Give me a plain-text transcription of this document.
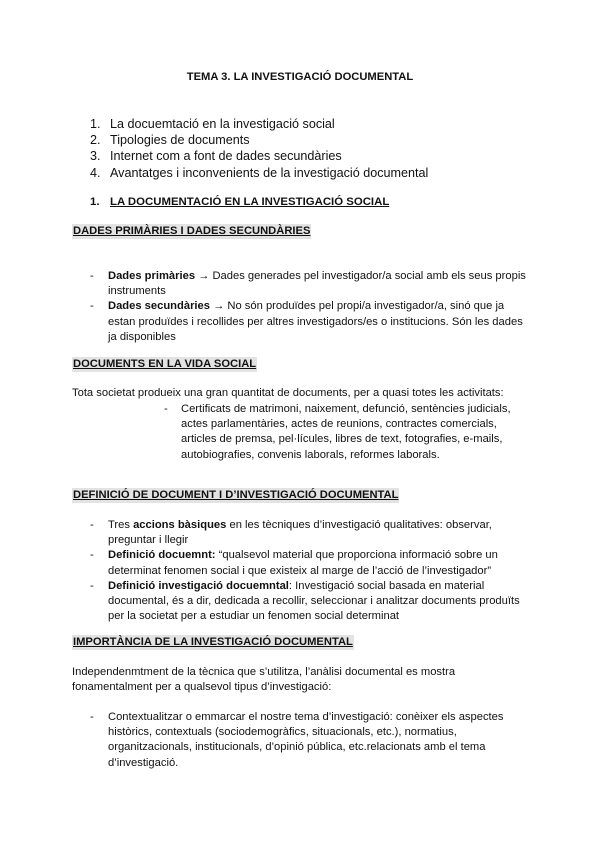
TEMA 3. LA INVESTIGACIÓ DOCUMENTAL
1. La docuemtació en la investigació social
2. Tipologies de documents
3. Internet com a font de dades secundàries
4. Avantatges i inconvenients de la investigació documental
1. LA DOCUMENTACIÓ EN LA INVESTIGACIÓ SOCIAL
DADES PRIMÀRIES I DADES SECUNDÀRIES
- Dades primàries → Dades generades pel investigador/a social amb els seus propis instruments
- Dades secundàries → No són produïdes pel propi/a investigador/a, sinó que ja estan produïdes i recollides per altres investigadors/es o institucions. Són les dades ja disponibles
DOCUMENTS EN LA VIDA SOCIAL
Tota societat produeix una gran quantitat de documents, per a quasi totes les activitats:
- Certificats de matrimoni, naixement, defunció, sentències judicials, actes parlamentàries, actes de reunions, contractes comercials, articles de premsa, pel·lícules, libres de text, fotografies, e-mails, autobiografies, convenis laborals, reformes laborals.
DEFINICIÓ DE DOCUMENT I D’INVESTIGACIÓ DOCUMENTAL
- Tres accions bàsiques en les tècniques d’investigació qualitatives: observar, preguntar i llegir
- Definició docuemnt: “qualsevol material que proporciona informació sobre un determinat fenomen social i que existeix al marge de l’acció de l’investigador”
- Definició investigació docuemntal: Investigació social basada en material documental, és a dir, dedicada a recollir, seleccionar i analitzar documents produïts per la societat per a estudiar un fenomen social determinat
IMPORTÀNCIA DE LA INVESTIGACIÓ DOCUMENTAL
Independenmtment de la tècnica que s’utilitza, l’anàlisi documental es mostra fonamentalment per a qualsevol tipus d’investigació:
- Contextualitzar o emmarcar el nostre tema d’investigació: conèixer els aspectes històrics, contextuals (sociodemogràfics, situacionals, etc.), normatius, organitzacionals, institucionals, d’opinió pública, etc.relacionats amb el tema d’investigació.
